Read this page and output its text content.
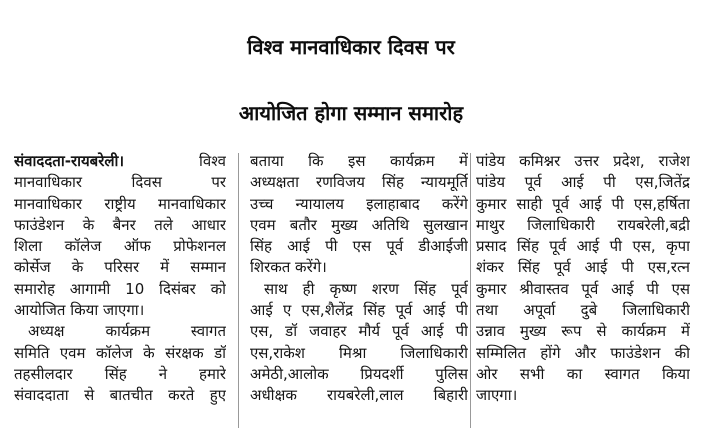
विश्व मानवाधिकार दिवस पर
आयोजित होगा सम्मान समारोह
संवाददता-रायबरेली।	विश्व
मानवाधिकार दिवस पर
मानवाधिकार राष्ट्रीय मानवाधिकार
फाउंडेशन के बैनर तले आधार
शिला कॉलेज ऑफ प्रोफेशनल
कोर्सेज के परिसर में सम्मान
समारोह आगामी 10 दिसंबर को
आयोजित किया जाएगा।
अध्यक्ष कार्यक्रम स्वागत
समिति एवम कॉलेज के संरक्षक डॉ
तहसीलदार सिंह ने हमारे
संवाददाता से बातचीत करते हुए
बताया कि इस कार्यक्रम में
अध्यक्षता रणविजय सिंह न्यायमूर्ति
उच्च न्यायालय इलाहाबाद करेंगे
एवम बतौर मुख्य अतिथि सुलखान
सिंह आई पी एस पूर्व डीआईजी
शिरकत करेंगे।
साथ ही कृष्ण शरण सिंह पूर्व
आई ए एस,शैलेंद्र सिंह पूर्व आई पी
एस, डॉ जवाहर मौर्य पूर्व आई पी
एस,राकेश मिश्रा जिलाधिकारी
अमेठी,आलोक प्रियदर्शी पुलिस
अधीक्षक रायबरेली,लाल बिहारी
पांडेय कमिश्नर उत्तर प्रदेश, राजेश
पांडेय पूर्व आई पी एस,जितेंद्र
कुमार साही पूर्व आई पी एस,हर्षिता
माथुर जिलाधिकारी रायबरेली,बद्री
प्रसाद सिंह पूर्व आई पी एस, कृपा
शंकर सिंह पूर्व आई पी एस,रत्न
कुमार श्रीवास्तव पूर्व आई पी एस
तथा अपूर्वा दुबे जिलाधिकारी
उन्नाव मुख्य रूप से कार्यक्रम में
सम्मिलित होंगे और फाउंडेशन की
ओर सभी का स्वागत किया
जाएगा।
